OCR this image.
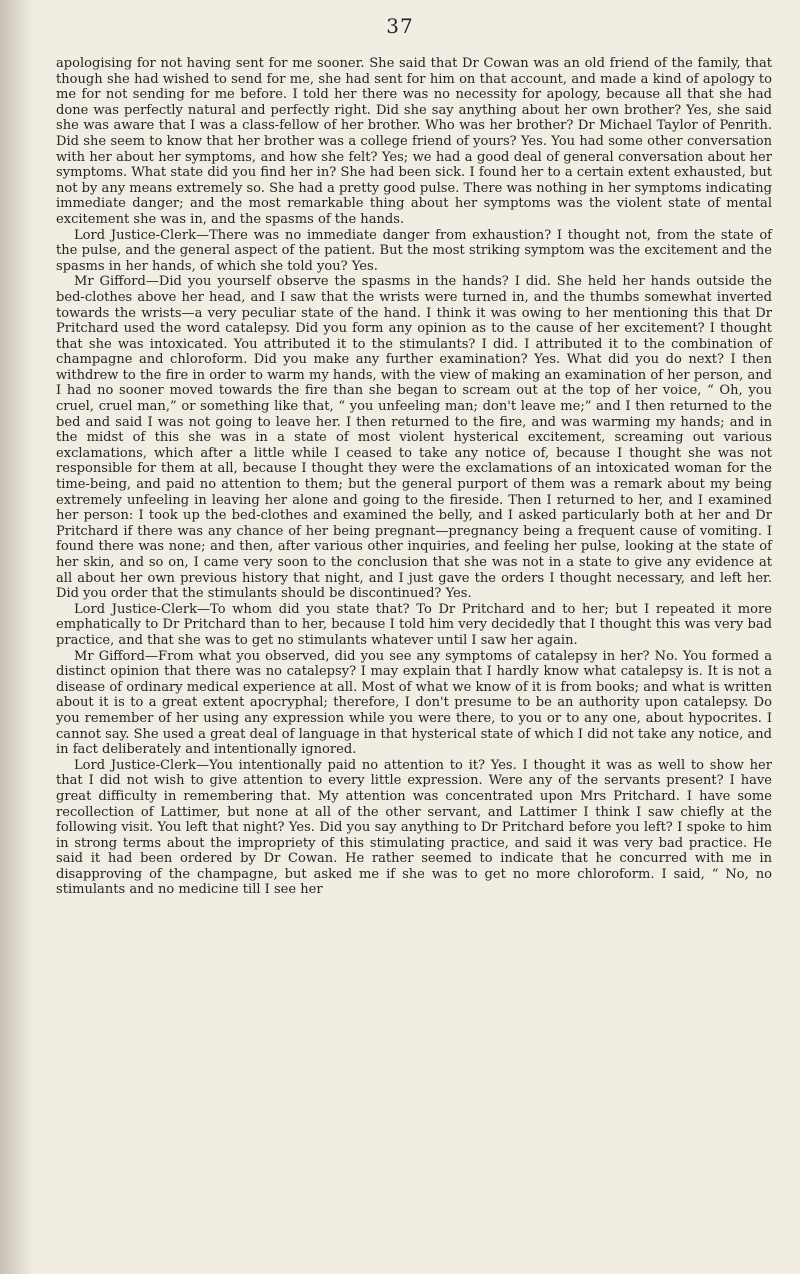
37

apologising for not having sent for me sooner. She said that Dr Cowan was an old friend of the family, that though she had wished to send for me, she had sent for him on that account, and made a kind of apology to me for not sending for me before. I told her there was no necessity for apology, because all that she had done was perfectly natural and perfectly right. Did she say anything about her own brother? Yes, she said she was aware that I was a class-fellow of her brother. Who was her brother? Dr Michael Taylor of Penrith. Did she seem to know that her brother was a college friend of yours? Yes. You had some other conversation with her about her symptoms, and how she felt? Yes; we had a good deal of general conversation about her symptoms. What state did you find her in? She had been sick. I found her to a certain extent exhausted, but not by any means extremely so. She had a pretty good pulse. There was nothing in her symptoms indicating immediate danger; and the most remarkable thing about her symptoms was the violent state of mental excitement she was in, and the spasms of the hands.

Lord Justice-Clerk—There was no immediate danger from exhaustion? I thought not, from the state of the pulse, and the general aspect of the patient. But the most striking symptom was the excitement and the spasms in her hands, of which she told you? Yes.

Mr Gifford—Did you yourself observe the spasms in the hands? I did. She held her hands outside the bed-clothes above her head, and I saw that the wrists were turned in, and the thumbs somewhat inverted towards the wrists—a very peculiar state of the hand. I think it was owing to her mentioning this that Dr Pritchard used the word catalepsy. Did you form any opinion as to the cause of her excitement? I thought that she was intoxicated. You attributed it to the stimulants? I did. I attributed it to the combination of champagne and chloroform. Did you make any further examination? Yes. What did you do next? I then withdrew to the fire in order to warm my hands, with the view of making an examination of her person, and I had no sooner moved towards the fire than she began to scream out at the top of her voice, “ Oh, you cruel, cruel man,” or something like that, “ you unfeeling man; don't leave me;” and I then returned to the bed and said I was not going to leave her. I then returned to the fire, and was warming my hands; and in the midst of this she was in a state of most violent hysterical excitement, screaming out various exclamations, which after a little while I ceased to take any notice of, because I thought she was not responsible for them at all, because I thought they were the exclamations of an intoxicated woman for the time-being, and paid no attention to them; but the general purport of them was a remark about my being extremely unfeeling in leaving her alone and going to the fireside. Then I returned to her, and I examined her person: I took up the bed-clothes and examined the belly, and I asked particularly both at her and Dr Pritchard if there was any chance of her being pregnant—pregnancy being a frequent cause of vomiting. I found there was none; and then, after various other inquiries, and feeling her pulse, looking at the state of her skin, and so on, I came very soon to the conclusion that she was not in a state to give any evidence at all about her own previous history that night, and I just gave the orders I thought necessary, and left her. Did you order that the stimulants should be discontinued? Yes.

Lord Justice-Clerk—To whom did you state that? To Dr Pritchard and to her; but I repeated it more emphatically to Dr Pritchard than to her, because I told him very decidedly that I thought this was very bad practice, and that she was to get no stimulants whatever until I saw her again.

Mr Gifford—From what you observed, did you see any symptoms of catalepsy in her? No. You formed a distinct opinion that there was no catalepsy? I may explain that I hardly know what catalepsy is. It is not a disease of ordinary medical experience at all. Most of what we know of it is from books; and what is written about it is to a great extent apocryphal; therefore, I don't presume to be an authority upon catalepsy. Do you remember of her using any expression while you were there, to you or to any one, about hypocrites. I cannot say. She used a great deal of language in that hysterical state of which I did not take any notice, and in fact deliberately and intentionally ignored.

Lord Justice-Clerk—You intentionally paid no attention to it? Yes. I thought it was as well to show her that I did not wish to give attention to every little expression. Were any of the servants present? I have great difficulty in remembering that. My attention was concentrated upon Mrs Pritchard. I have some recollection of Lattimer, but none at all of the other servant, and Lattimer I think I saw chiefly at the following visit. You left that night? Yes. Did you say anything to Dr Pritchard before you left? I spoke to him in strong terms about the impropriety of this stimulating practice, and said it was very bad practice. He said it had been ordered by Dr Cowan. He rather seemed to indicate that he concurred with me in disapproving of the champagne, but asked me if she was to get no more chloroform. I said, “ No, no stimulants and no medicine till I see her
